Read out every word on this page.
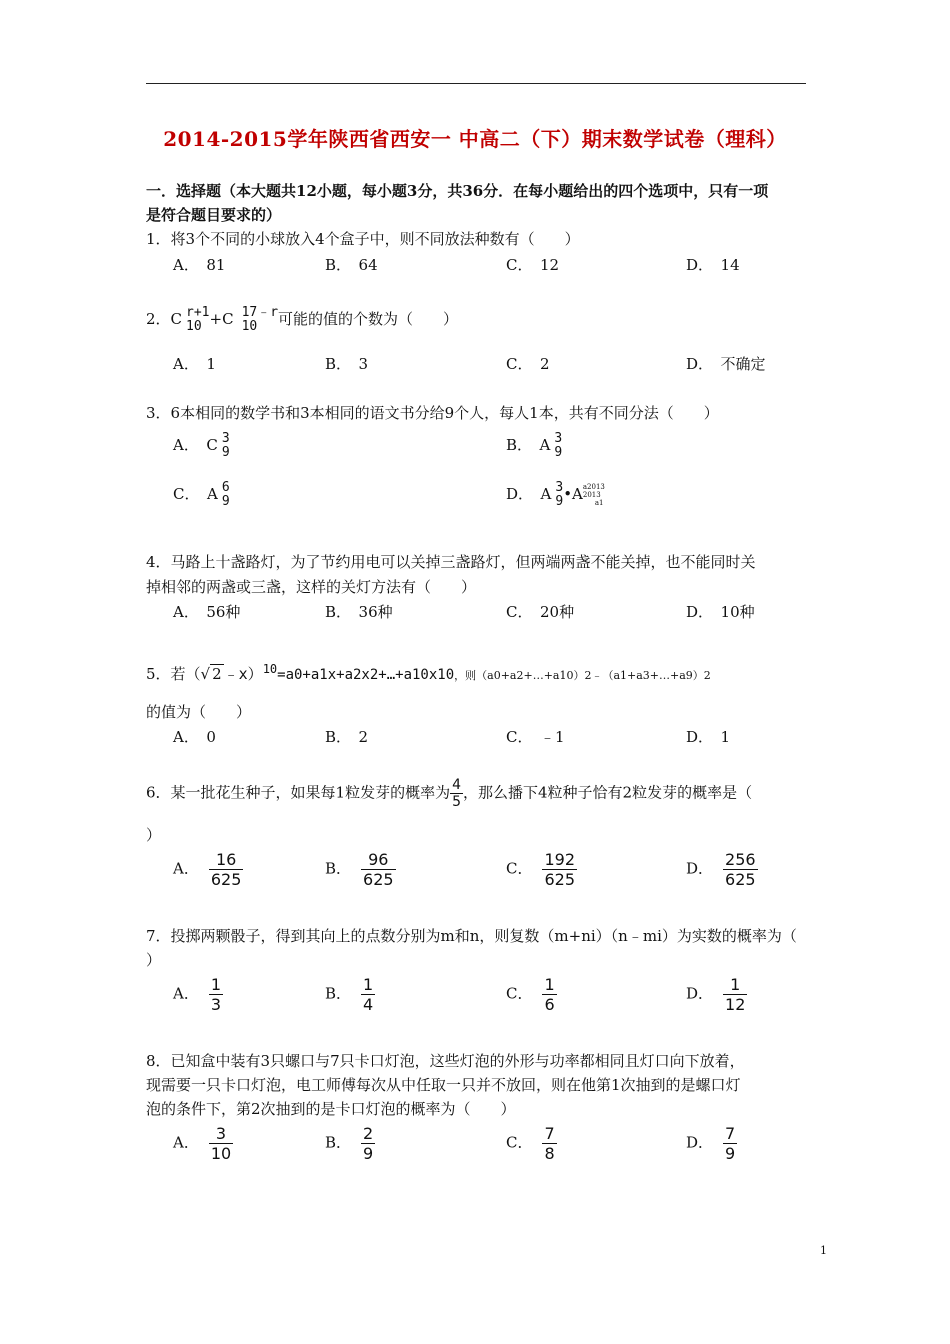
2014-2015学年陕西省西安一 中高二（下）期末数学试卷（理科）
一．选择题（本大题共12小题，每小题3分，共36分．在每小题给出的四个选项中，只有一项
是符合题目要求的）
1．将3个不同的小球放入4个盒子中，则不同放法种数有（　　）
A．　81	B．　64	C．　12	D．　14
2．C r+1
10 +C 17﹣r
10	可能的值的个数为（　　）
A．　1	B．　3	C．　2	D．　不确定
3．6本相同的数学书和3本相同的语文书分给9个人，每人1本，共有不同分法（　　）
A．　C 3
9	B．　A 3
9
C．　A 6
9	D．　A 3
9 •A a2013
2013
a1
4．马路上十盏路灯，为了节约用电可以关掉三盏路灯，但两端两盏不能关掉，也不能同时关
掉相邻的两盏或三盏，这样的关灯方法有（　　）
A．　56种	B．　36种	C．　20种	D．　10种
5．若（√ 2 ﹣x）$^{10}$=a0+a1x+a2x2+…+a10x10，则（a0+a2+…+a10）2﹣（a1+a3+…+a9）2
的值为（　　）
A．　0	B．　2	C．　﹣1	D．　1
6．某一批花生种子，如果每1粒发芽的概率为 $\frac{4}{5}$ ，那么播下4粒种子恰有2粒发芽的概率是（
）
A． $\frac{16}{625}$	B． $\frac{96}{625}$	C． $\frac{192}{625}$	D． $\frac{256}{625}$
7．投掷两颗骰子，得到其向上的点数分别为m和n，则复数（m+ni）（n﹣mi）为实数的概率为（
）
A． $\frac{1}{3}$	B． $\frac{1}{4}$	C． $\frac{1}{6}$	D． $\frac{1}{12}$
8．已知盒中装有3只螺口与7只卡口灯泡，这些灯泡的外形与功率都相同且灯口向下放着，
现需要一只卡口灯泡，电工师傅每次从中任取一只并不放回，则在他第1次抽到的是螺口灯
泡的条件下，第2次抽到的是卡口灯泡的概率为（　　）
A． $\frac{3}{10}$	B． $\frac{2}{9}$	C． $\frac{7}{8}$	D． $\frac{7}{9}$
1
